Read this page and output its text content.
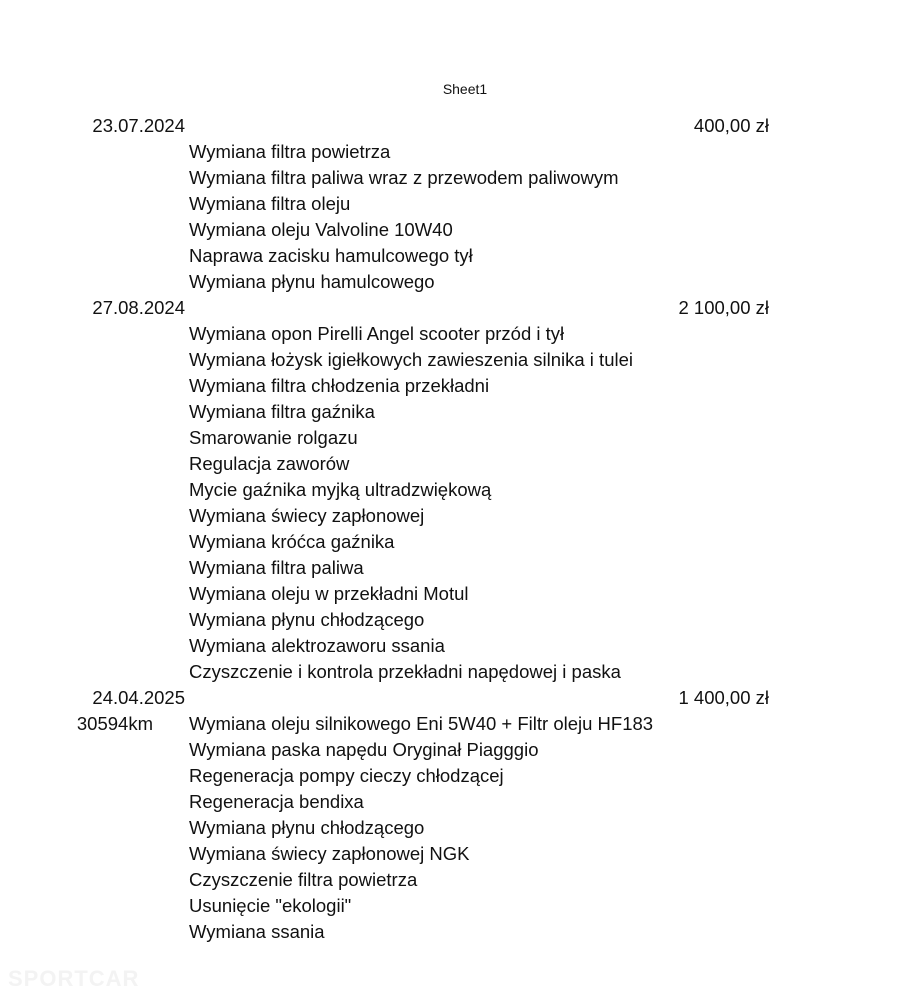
Sheet1
23.07.2024	400,00 zł
Wymiana filtra powietrza
Wymiana filtra paliwa wraz z przewodem paliwowym
Wymiana filtra oleju
Wymiana oleju Valvoline 10W40
Naprawa zacisku hamulcowego tył
Wymiana płynu hamulcowego
27.08.2024	2 100,00 zł
Wymiana opon Pirelli Angel scooter przód i tył
Wymiana łożysk igiełkowych zawieszenia silnika i tulei
Wymiana filtra chłodzenia przekładni
Wymiana filtra gaźnika
Smarowanie rolgazu
Regulacja zaworów
Mycie gaźnika myjką ultradzwiękową
Wymiana świecy zapłonowej
Wymiana króćca gaźnika
Wymiana filtra paliwa
Wymiana oleju w przekładni Motul
Wymiana płynu chłodzącego
Wymiana alektrozaworu ssania
Czyszczenie i kontrola przekładni napędowej i paska
24.04.2025	1 400,00 zł
30594km Wymiana oleju silnikowego Eni 5W40 + Filtr oleju HF183
Wymiana paska napędu Oryginał Piagggio
Regeneracja pompy cieczy chłodzącej
Regeneracja bendixa
Wymiana płynu chłodzącego
Wymiana świecy zapłonowej NGK
Czyszczenie filtra powietrza
Usunięcie "ekologii"
Wymiana ssania
SPORTCAR
